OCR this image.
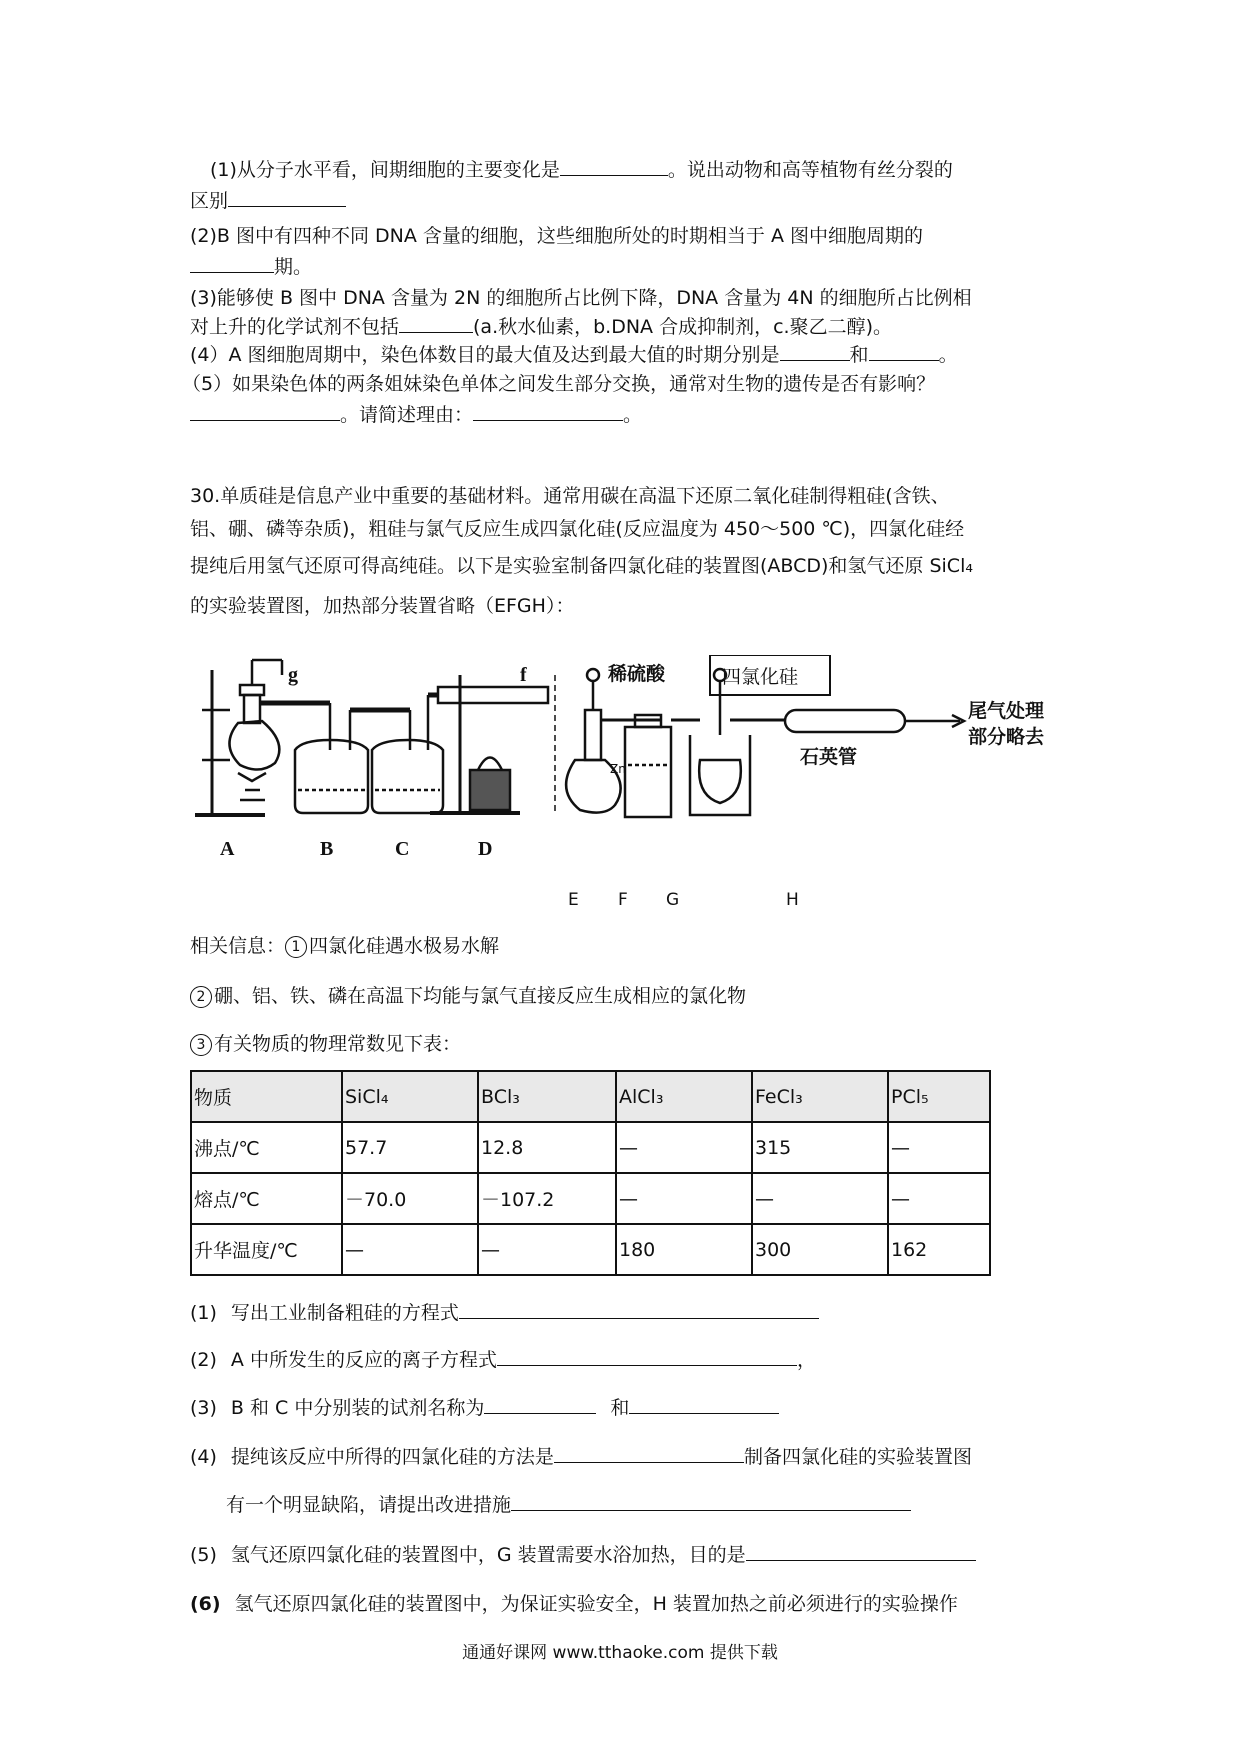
(1)从分子水平看，间期细胞的主要变化是	。说出动物和高等植物有丝分裂的
区别
(2)B 图中有四种不同 DNA 含量的细胞，这些细胞所处的时期相当于 A 图中细胞周期的
期。
(3)能够使 B 图中 DNA 含量为 2N 的细胞所占比例下降，DNA 含量为 4N 的细胞所占比例相
对上升的化学试剂不包括	(a.秋水仙素，b.DNA 合成抑制剂，c.聚乙二醇)。
(4）A 图细胞周期中，染色体数目的最大值及达到最大值的时期分别是	和	。
（5）如果染色体的两条姐妹染色单体之间发生部分交换，通常对生物的遗传是否有影响？
。请简述理由：	。
30.单质硅是信息产业中重要的基础材料。通常用碳在高温下还原二氧化硅制得粗硅(含铁、
铝、硼、磷等杂质)，粗硅与氯气反应生成四氯化硅(反应温度为 450～500 ℃)，四氯化硅经
提纯后用氢气还原可得高纯硅。以下是实验室制备四氯化硅的装置图(ABCD)和氢气还原 SiCl₄
的实验装置图，加热部分装置省略（EFGH）：
g	f
A	B	C	D
Zn
稀硫酸	四氯化硅
石英管
尾气处理
部分略去
E F G	H
相关信息： 1 四氯化硅遇水极易水解
2 硼、铝、铁、磷在高温下均能与氯气直接反应生成相应的氯化物
3 有关物质的物理常数见下表：
物质	SiCl₄	BCl₃	AlCl₃	FeCl₃	PCl₅
沸点/℃	57.7	12.8	—	315	—
熔点/℃	－70.0	－107.2	—	—	—
升华温度/℃	—	—	180	300	162
(1) 写出工业制备粗硅的方程式
(2) A 中所发生的反应的离子方程式	，
(3) B 和 C 中分别装的试剂名称为	和
(4) 提纯该反应中所得的四氯化硅的方法是	制备四氯化硅的实验装置图
有一个明显缺陷，请提出改进措施
(5) 氢气还原四氯化硅的装置图中，G 装置需要水浴加热，目的是
(6) 氢气还原四氯化硅的装置图中，为保证实验安全，H 装置加热之前必须进行的实验操作
通通好课网 www.tthaoke.com 提供下载
